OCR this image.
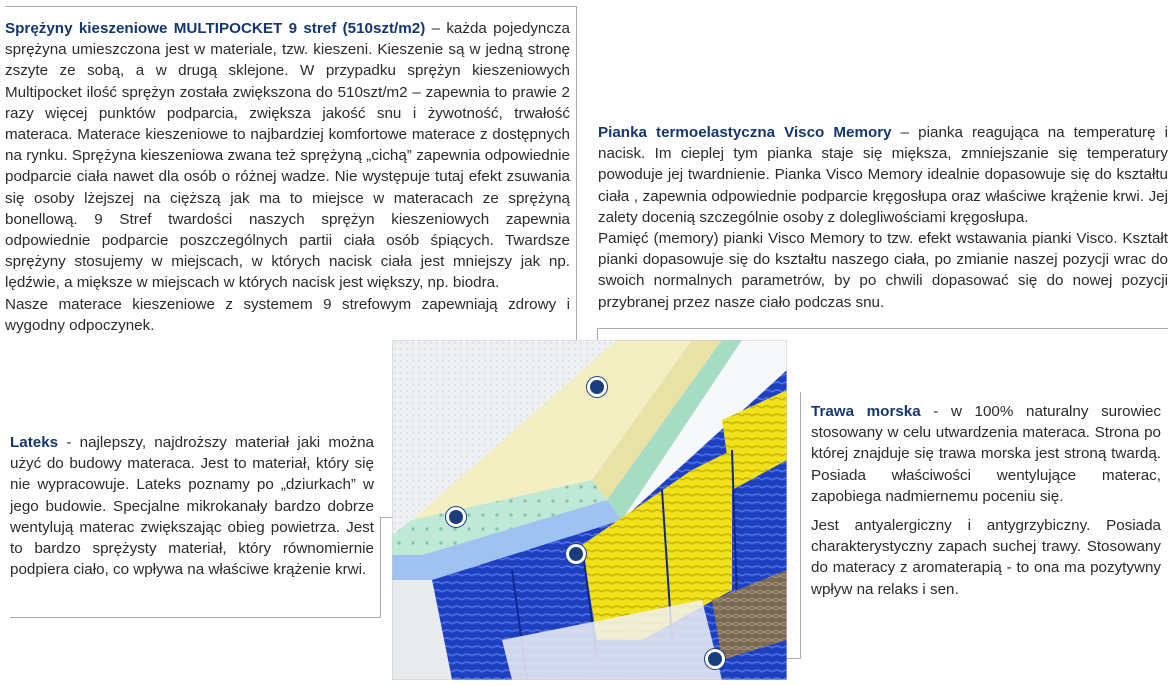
Sprężyny kieszeniowe MULTIPOCKET 9 stref (510szt/m2) – każda pojedyncza sprężyna umieszczona jest w materiale, tzw. kieszeni. Kieszenie są w jedną stronę zszyte ze sobą, a w drugą sklejone. W przypadku sprężyn kieszeniowych Multipocket ilość sprężyn została zwiększona do 510szt/m2 – zapewnia to prawie 2 razy więcej punktów podparcia, zwiększa jakość snu i żywotność, trwałość materaca. Materace kieszeniowe to najbardziej komfortowe materace z dostępnych na rynku. Sprężyna kieszeniowa zwana też sprężyną „cichą” zapewnia odpowiednie podparcie ciała nawet dla osób o różnej wadze. Nie występuje tutaj efekt zsuwania się osoby lżejszej na cięższą jak ma to miejsce w materacach ze sprężyną bonellową. 9 Stref twardości naszych sprężyn kieszeniowych zapewnia odpowiednie podparcie poszczególnych partii ciała osób śpiących. Twardsze sprężyny stosujemy w miejscach, w których nacisk ciała jest mniejszy jak np. lędźwie, a miększe w miejscach w których nacisk jest większy, np. biodra.

Nasze materace kieszeniowe z systemem 9 strefowym zapewniają zdrowy i wygodny odpoczynek.

Pianka termoelastyczna Visco Memory – pianka reagująca na temperaturę i nacisk. Im cieplej tym pianka staje się miększa, zmniejszanie się temperatury powoduje jej twardnienie. Pianka Visco Memory idealnie dopasowuje się do kształtu ciała , zapewnia odpowiednie podparcie kręgosłupa oraz właściwe krążenie krwi. Jej zalety docenią szczególnie osoby z dolegliwościami kręgosłupa.

Pamięć (memory) pianki Visco Memory to tzw. efekt wstawania pianki Visco. Kształt pianki dopasowuje się do kształtu naszego ciała, po zmianie naszej pozycji wrac do swoich normalnych parametrów, by po chwili dopasować się do nowej pozycji przybranej przez nasze ciało podczas snu.

Lateks - najlepszy, najdroższy materiał jaki można użyć do budowy materaca. Jest to materiał, który się nie wypracowuje. Lateks poznamy po „dziurkach” w jego budowie. Specjalne mikrokanały bardzo dobrze wentylują materac zwiększając obieg powietrza. Jest to bardzo sprężysty materiał, który równomiernie podpiera ciało, co wpływa na właściwe krążenie krwi.

Trawa morska - w 100% naturalny surowiec stosowany w celu utwardzenia materaca. Strona po której znajduje się trawa morska jest stroną twardą. Posiada właściwości wentylujące materac, zapobiega nadmiernemu poceniu się.

Jest antyalergiczny i antygrzybiczny. Posiada charakterystyczny zapach suchej trawy. Stosowany do materacy z aromaterapią - to ona ma pozytywny wpływ na relaks i sen.
